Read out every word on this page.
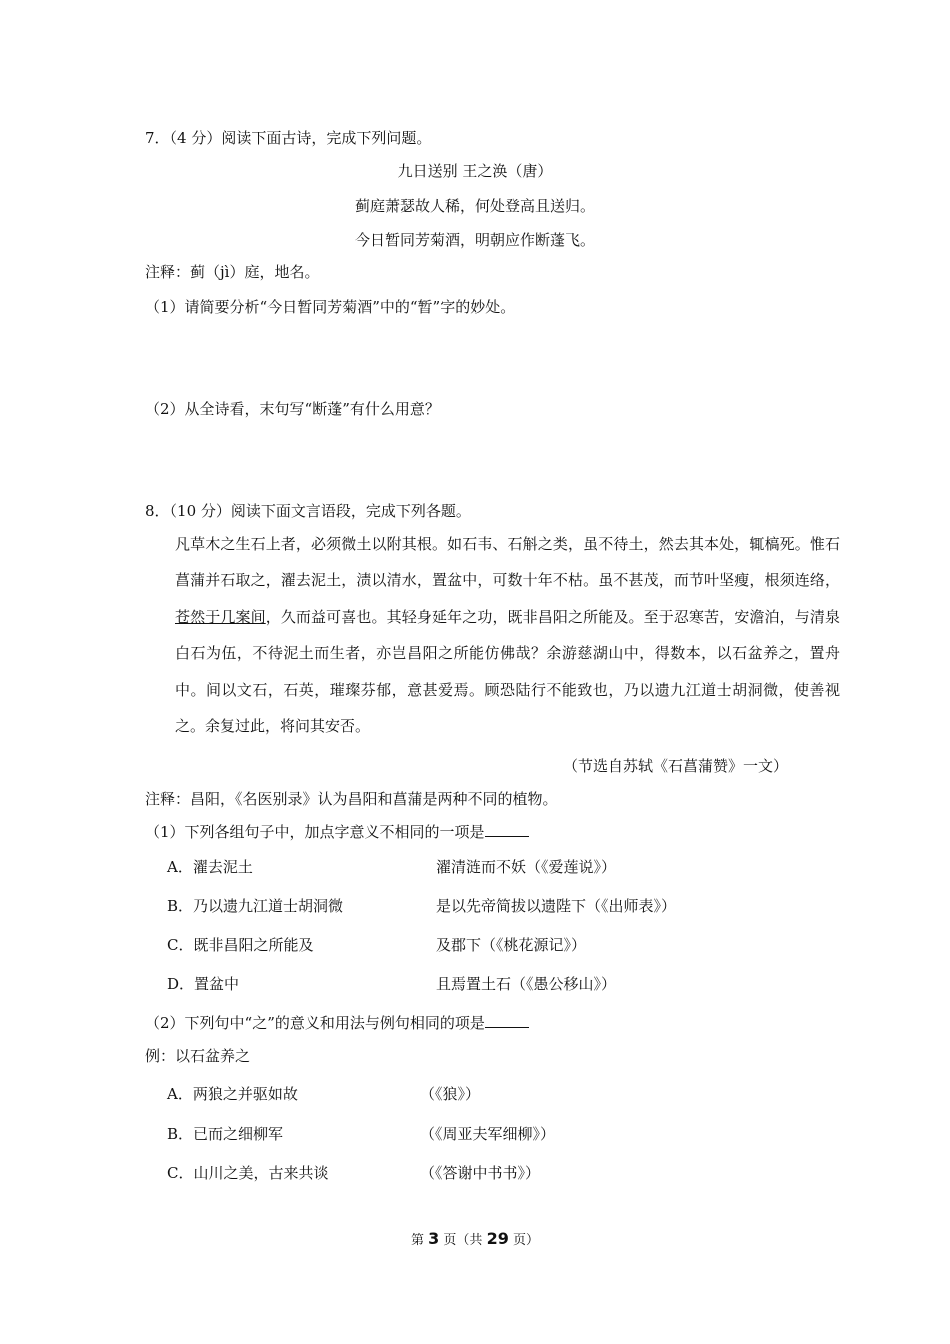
7．（4 分）阅读下面古诗，完成下列问题。
九日送别 王之涣（唐）
蓟庭萧瑟故人稀，何处登高且送归。
今日暂同芳菊酒，明朝应作断蓬飞。
注释：蓟（jì）庭，地名。
（1）请简要分析“今日暂同芳菊酒”中的“暂”字的妙处。
（2）从全诗看，末句写“断蓬”有什么用意？
8．（10 分）阅读下面文言语段，完成下列各题。
凡草木之生石上者，必须微土以附其根。如石韦、石斛之类，虽不待土，然去其本处，辄槁死。惟石菖蒲并石取之，濯去泥土，渍以清水，置盆中，可数十年不枯。虽不甚茂，而节叶坚瘦，根须连络，苍然于几案间，久而益可喜也。其轻身延年之功，既非昌阳之所能及。至于忍寒苦，安澹泊，与清泉白石为伍，不待泥土而生者，亦岂昌阳之所能仿佛哉？余游慈湖山中，得数本，以石盆养之，置舟中。间以文石，石英，璀璨芬郁，意甚爱焉。顾恐陆行不能致也，乃以遗九江道士胡洞微，使善视之。余复过此，将问其安否。
（节选自苏轼《石菖蒲赞》一文）
注释：昌阳，《名医别录》认为昌阳和菖蒲是两种不同的植物。
（1）下列各组句子中，加点字意义不相同的一项是
A．濯去泥土	濯清涟而不妖（《爱莲说》）
B．乃以遗九江道士胡洞微	是以先帝简拔以遗陛下（《出师表》）
C．既非昌阳之所能及	及郡下（《桃花源记》）
D．置盆中	且焉置土石（《愚公移山》）
（2）下列句中“之”的意义和用法与例句相同的项是
例：以石盆养之
A．两狼之并驱如故	（《狼》）
B．已而之细柳军	（《周亚夫军细柳》）
C．山川之美，古来共谈	（《答谢中书书》）
第 3 页（共 29 页）
